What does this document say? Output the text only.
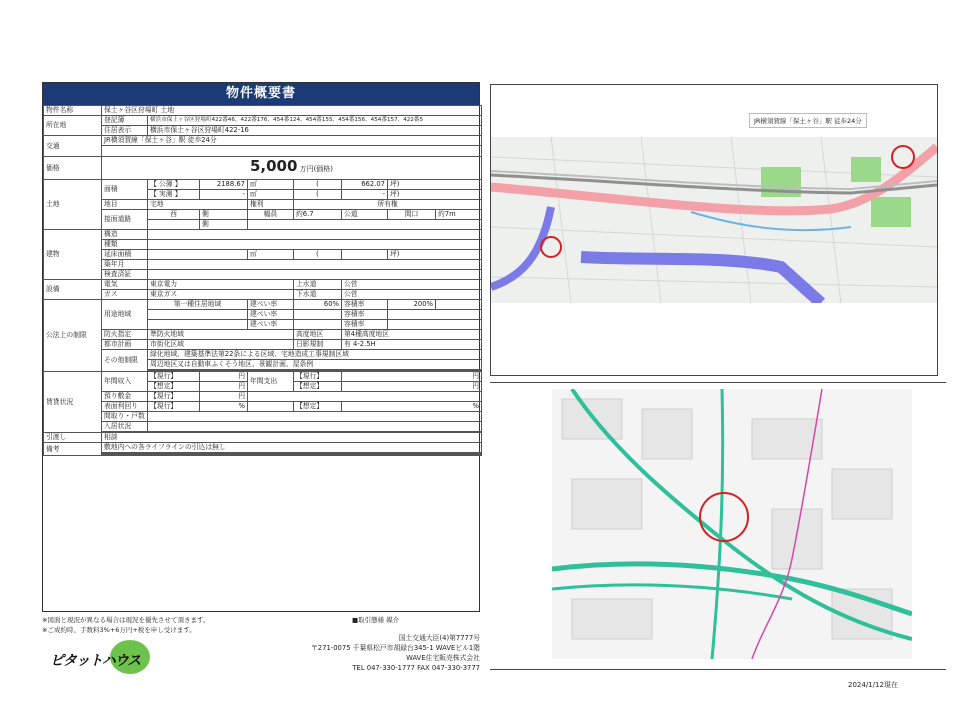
物件概要書
物件名称	保土ヶ谷区狩場町 土地							
所在地	登記簿	横浜市保土ヶ谷区狩場町422番46、422番176、454番124、454番155、454番156、454番157、422番5						
	住居表示	横浜市保土ヶ谷区狩場町422-16						
交通	JR横須賀線「保土ヶ谷」駅 徒歩24分							

価格	5,000 万円(価格)							
土地	面積	【 公簿 】	2188.67	㎡	(	662.07	坪)	
		【 実測 】	-	㎡	(	-	坪)	
	地目	宅地		権利	所有権			
	接面道路	西	側	幅員	約6.7	公道	間口	約7m
			側					
建物	構造							
	種類							
	延床面積			㎡	(		坪)	
	築年月							
	検査済証							
設備	電気	東京電力			上水道	公営		
	ガス	東京ガス			下水道	公営		
公法上の制限	用途地域	第一種住居地域		建ぺい率	60%	容積率	200%	
				建ぺい率		容積率		
				建ぺい率		容積率		
	防火指定	準防火地域			高度地区	第4種高度地区		
	都市計画	市街化区域			日影規制	有 4-2.5H		
	その他制限	緑化地域、建築基準法第22条による区域、宅地造成工事規制区域						
		周辺地区又は自動車ふくそう地区、景観計画、屋条例						

賃貸状況	年間収入	【現行】	円	年間支出	【現行】	円		
		【想定】	円		【想定】	円		
	預り敷金	【現行】	円					
	表面利回り	【現行】	%		【想定】	%		
	間取り・戸数							
	入居状況							

引渡し	相談							
備考	敷地内への各ライフラインの引込は無し							

※図面と現況が異なる場合は現況を優先させて頂きます。
※ご成約時、手数料3%+6万円+税を申し受けます。
■取引態様 媒介
ピタットハウス
国土交通大臣(4)第7777号
〒271-0075 千葉県松戸市胡録台345-1 WAVEビル1階
WAVE住宅販売株式会社
TEL 047-330-1777 FAX 047-330-3777
2024/1/12現在
JR横須賀線「保土ヶ谷」駅 徒歩24分
